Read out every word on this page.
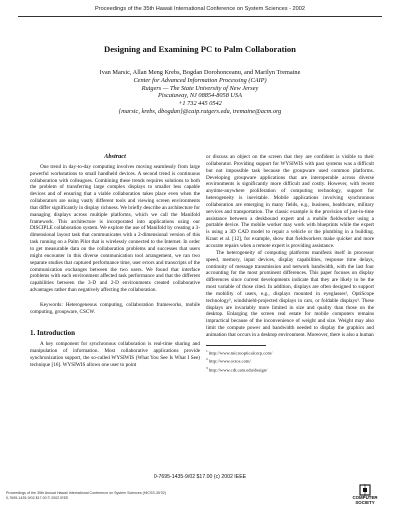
Proceedings of the 35th Hawaii International Conference on System Sciences - 2002
Designing and Examining PC to Palm Collaboration
Ivan Marsic, Allan Meng Krebs, Bogdan Dorohonceanu, and Marilyn Tremaine
Center for Advanced Information Processing (CAIP)
Rutgers — The State University of New Jersey
Piscataway, NJ 08854-8058 USA
+1 732 445 0542
{marsic, krebs, dbogdan}@caip.rutgers.edu, tremaine@acm.org
Abstract

One trend in day-to-day computing involves moving seamlessly from large powerful workstations to small handheld devices. A second trend is continuous collaboration with colleagues. Combining these trends requires solutions to both the problem of transferring large complex displays to smaller less capable devices and of ensuring that a viable collaboration takes place even when the collaborators are using vastly different tools and viewing screen environments that differ significantly in display richness. We briefly describe an architecture for managing displays across multiple platforms, which we call the Manifold framework. This architecture is incorporated into applications using our DISCIPLE collaboration system. We explore the use of Manifold by creating a 3-dimensional layout task that communicates with a 2-dimensional version of this task running on a Palm Pilot that is wirelessly connected to the Internet. In order to get measurable data on the collaboration problems and successes that users might encounter in this diverse communication tool arrangement, we ran two separate studies that captured performance time, user errors and transcripts of the communication exchanges between the two users. We found that interface problems with each environment affected task performance and that the different capabilities between the 3-D and 2-D environments created collaborative advantages rather than negatively affecting the collaboration.

Keywords: Heterogeneous computing, collaboration frameworks, mobile computing, groupware, CSCW.

1. Introduction

A key component for synchronous collaboration is real-time sharing and manipulation of information. Most collaborative applications provide synchronization support, the so-called WYSIWIS (What You See Is What I See) technique [16]. WYSIWIS allows one user to point

or discuss an object on the screen that they are confident is visible to their collaborator. Providing support for WYSIWIS with past systems was a difficult but not impossible task because the groupware used common platforms. Developing groupware applications that are interoperable across diverse environments is significantly more difficult and costly. However, with recent anytime-anywhere proliferation of computing technology, support for heterogeneity is inevitable. Mobile applications involving synchronous collaboration are emerging in many fields, e.g., business, healthcare, military services and transportation. The classic example is the provision of just-in-time assistance between a deskbound expert and a mobile fieldworker using a portable device. The mobile worker may work with blueprints while the expert is using a 3D CAD model to repair a vehicle or the plumbing in a building. Kraut et al. [12], for example, show that fieldworkers make quicker and more accurate repairs when a remote expert is providing assistance.

The heterogeneity of computing platforms manifests itself in processor speed, memory, input devices, display capabilities, response time delays, continuity of message transmission and network bandwidth, with the last four accounting for the most prominent differences. This paper focuses on display differences since current developments indicate that they are likely to be the most variable of those cited. In addition, displays are often designed to support the mobility of users, e.g., displays mounted in eyeglasses¹, OptiScope technology², windshield-projected displays in cars, or foldable displays³. These displays are invariably more limited in size and quality than those on the desktop. Enlarging the screen real estate for mobile computers remains impractical because of the inconvenience of weight and size. Weight may also limit the compute power and bandwidth needed to display the graphics and animation that occurs in a desktop environment. Moreover, there is also a human

$^1$ http://www.microopticalcorp.com/

$^2$ http://www.octos.com/

$^3$ http://www.cdt.cam.edu/design/

0-7695-1435-9/02 $17.00 (c) 2002 IEEE
Proceedings of the 35th Annual Hawaii International Conference on System Sciences (HICSS-35'02)
0-7695-1435-9/02 $17.00 © 2002 IEEE	COMPUTER
SOCIETY
